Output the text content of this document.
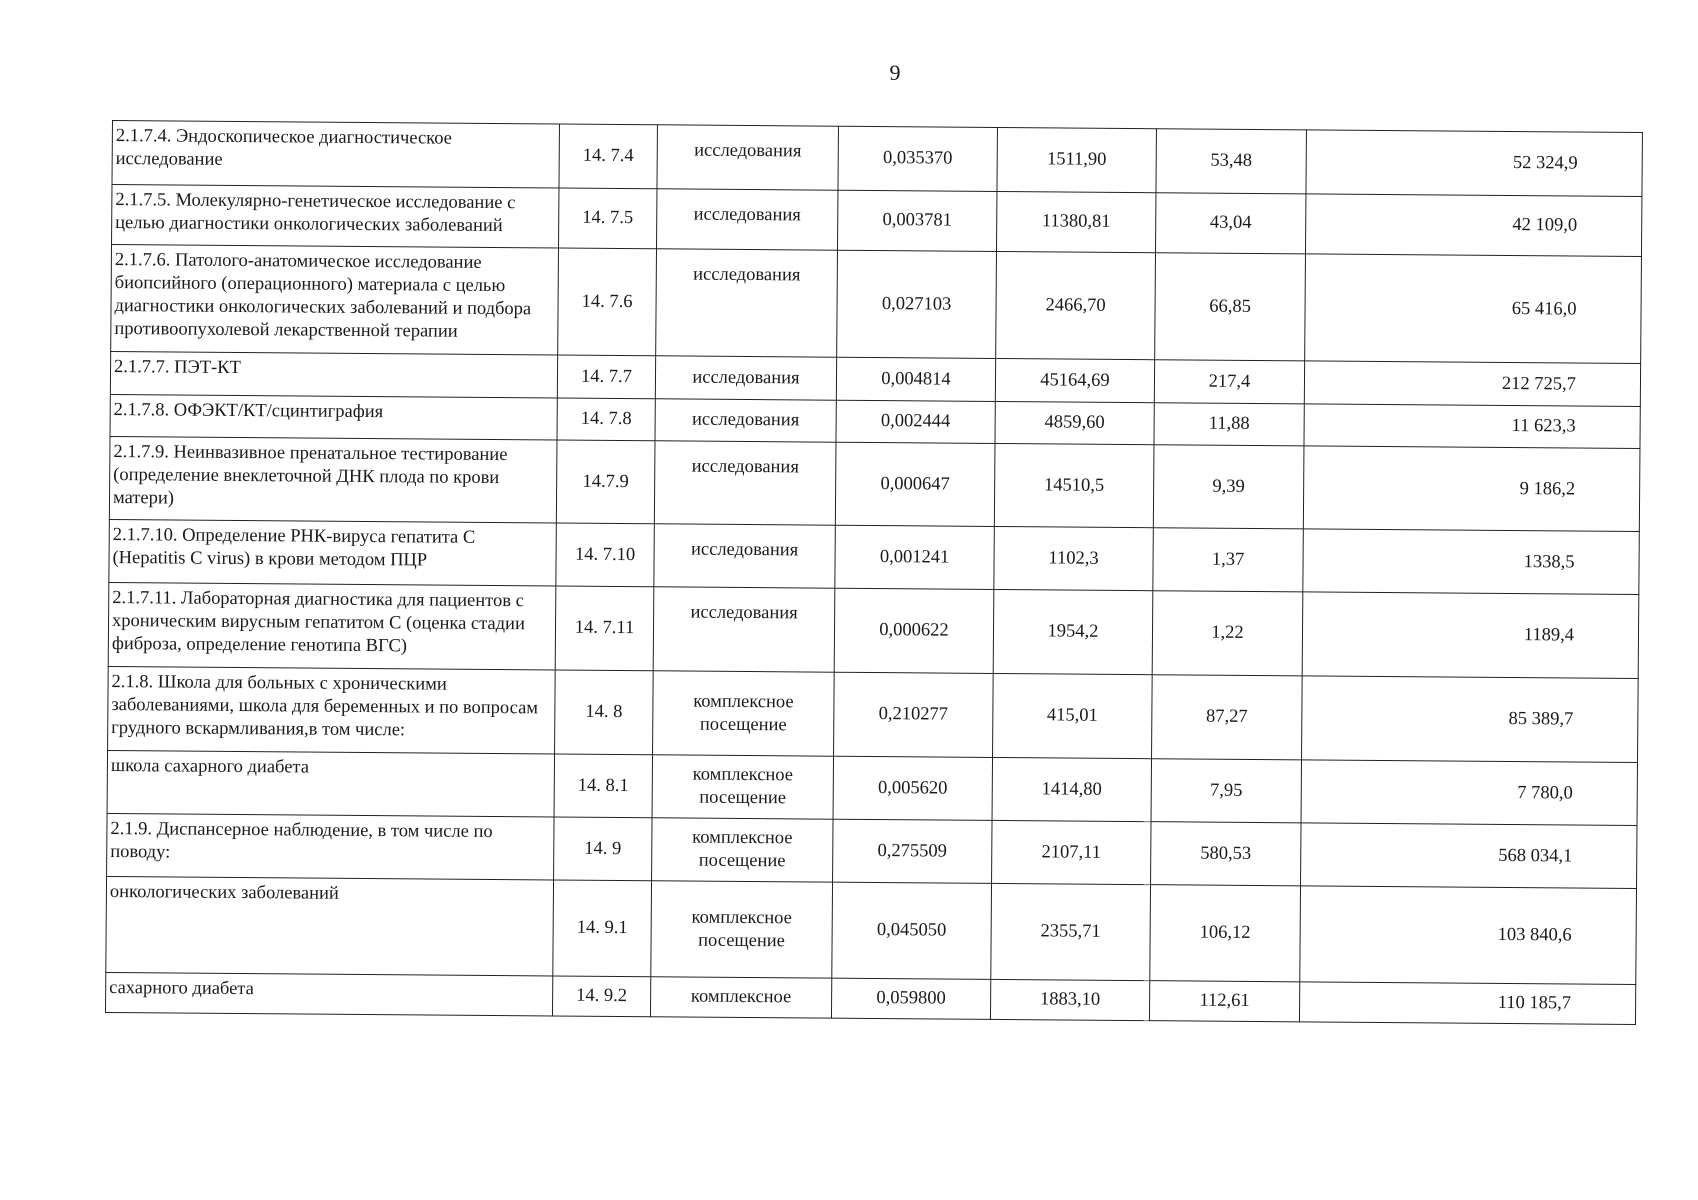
9
2.1.7.4. Эндоскопическое диагностическое исследование	14. 7.4	исследования	0,035370	1511,90	53,48	52 324,9
2.1.7.5. Молекулярно-генетическое исследование с целью диагностики онкологических заболеваний	14. 7.5	исследования	0,003781	11380,81	43,04	42 109,0
2.1.7.6. Патолого-анатомическое исследование биопсийного (операционного) материала с целью диагностики онкологических заболеваний и подбора противоопухолевой лекарственной терапии	14. 7.6	исследования	0,027103	2466,70	66,85	65 416,0
2.1.7.7. ПЭТ-КТ	14. 7.7	исследования	0,004814	45164,69	217,4	212 725,7
2.1.7.8. ОФЭКТ/КТ/сцинтиграфия	14. 7.8	исследования	0,002444	4859,60	11,88	11 623,3
2.1.7.9. Неинвазивное пренатальное тестирование (определение внеклеточной ДНК плода по крови матери)	14.7.9	исследования	0,000647	14510,5	9,39	9 186,2
2.1.7.10. Определение РНК-вируса гепатита С (Hepatitis C virus) в крови методом ПЦР	14. 7.10	исследования	0,001241	1102,3	1,37	1338,5
2.1.7.11. Лабораторная диагностика для пациентов с хроническим вирусным гепатитом С (оценка стадии фиброза, определение генотипа ВГС)	14. 7.11	исследования	0,000622	1954,2	1,22	1189,4
2.1.8. Школа для больных с хроническими заболеваниями, школа для беременных и по вопросам грудного вскармливания,в том числе:	14. 8	комплексное посещение	0,210277	415,01	87,27	85 389,7
школа сахарного диабета	14. 8.1	комплексное посещение	0,005620	1414,80	7,95	7 780,0
2.1.9. Диспансерное наблюдение, в том числе по поводу:	14. 9	комплексное посещение	0,275509	2107,11	580,53	568 034,1
онкологических заболеваний	14. 9.1	комплексное посещение	0,045050	2355,71	106,12	103 840,6
сахарного диабета	14. 9.2	комплексное	0,059800	1883,10	112,61	110 185,7
